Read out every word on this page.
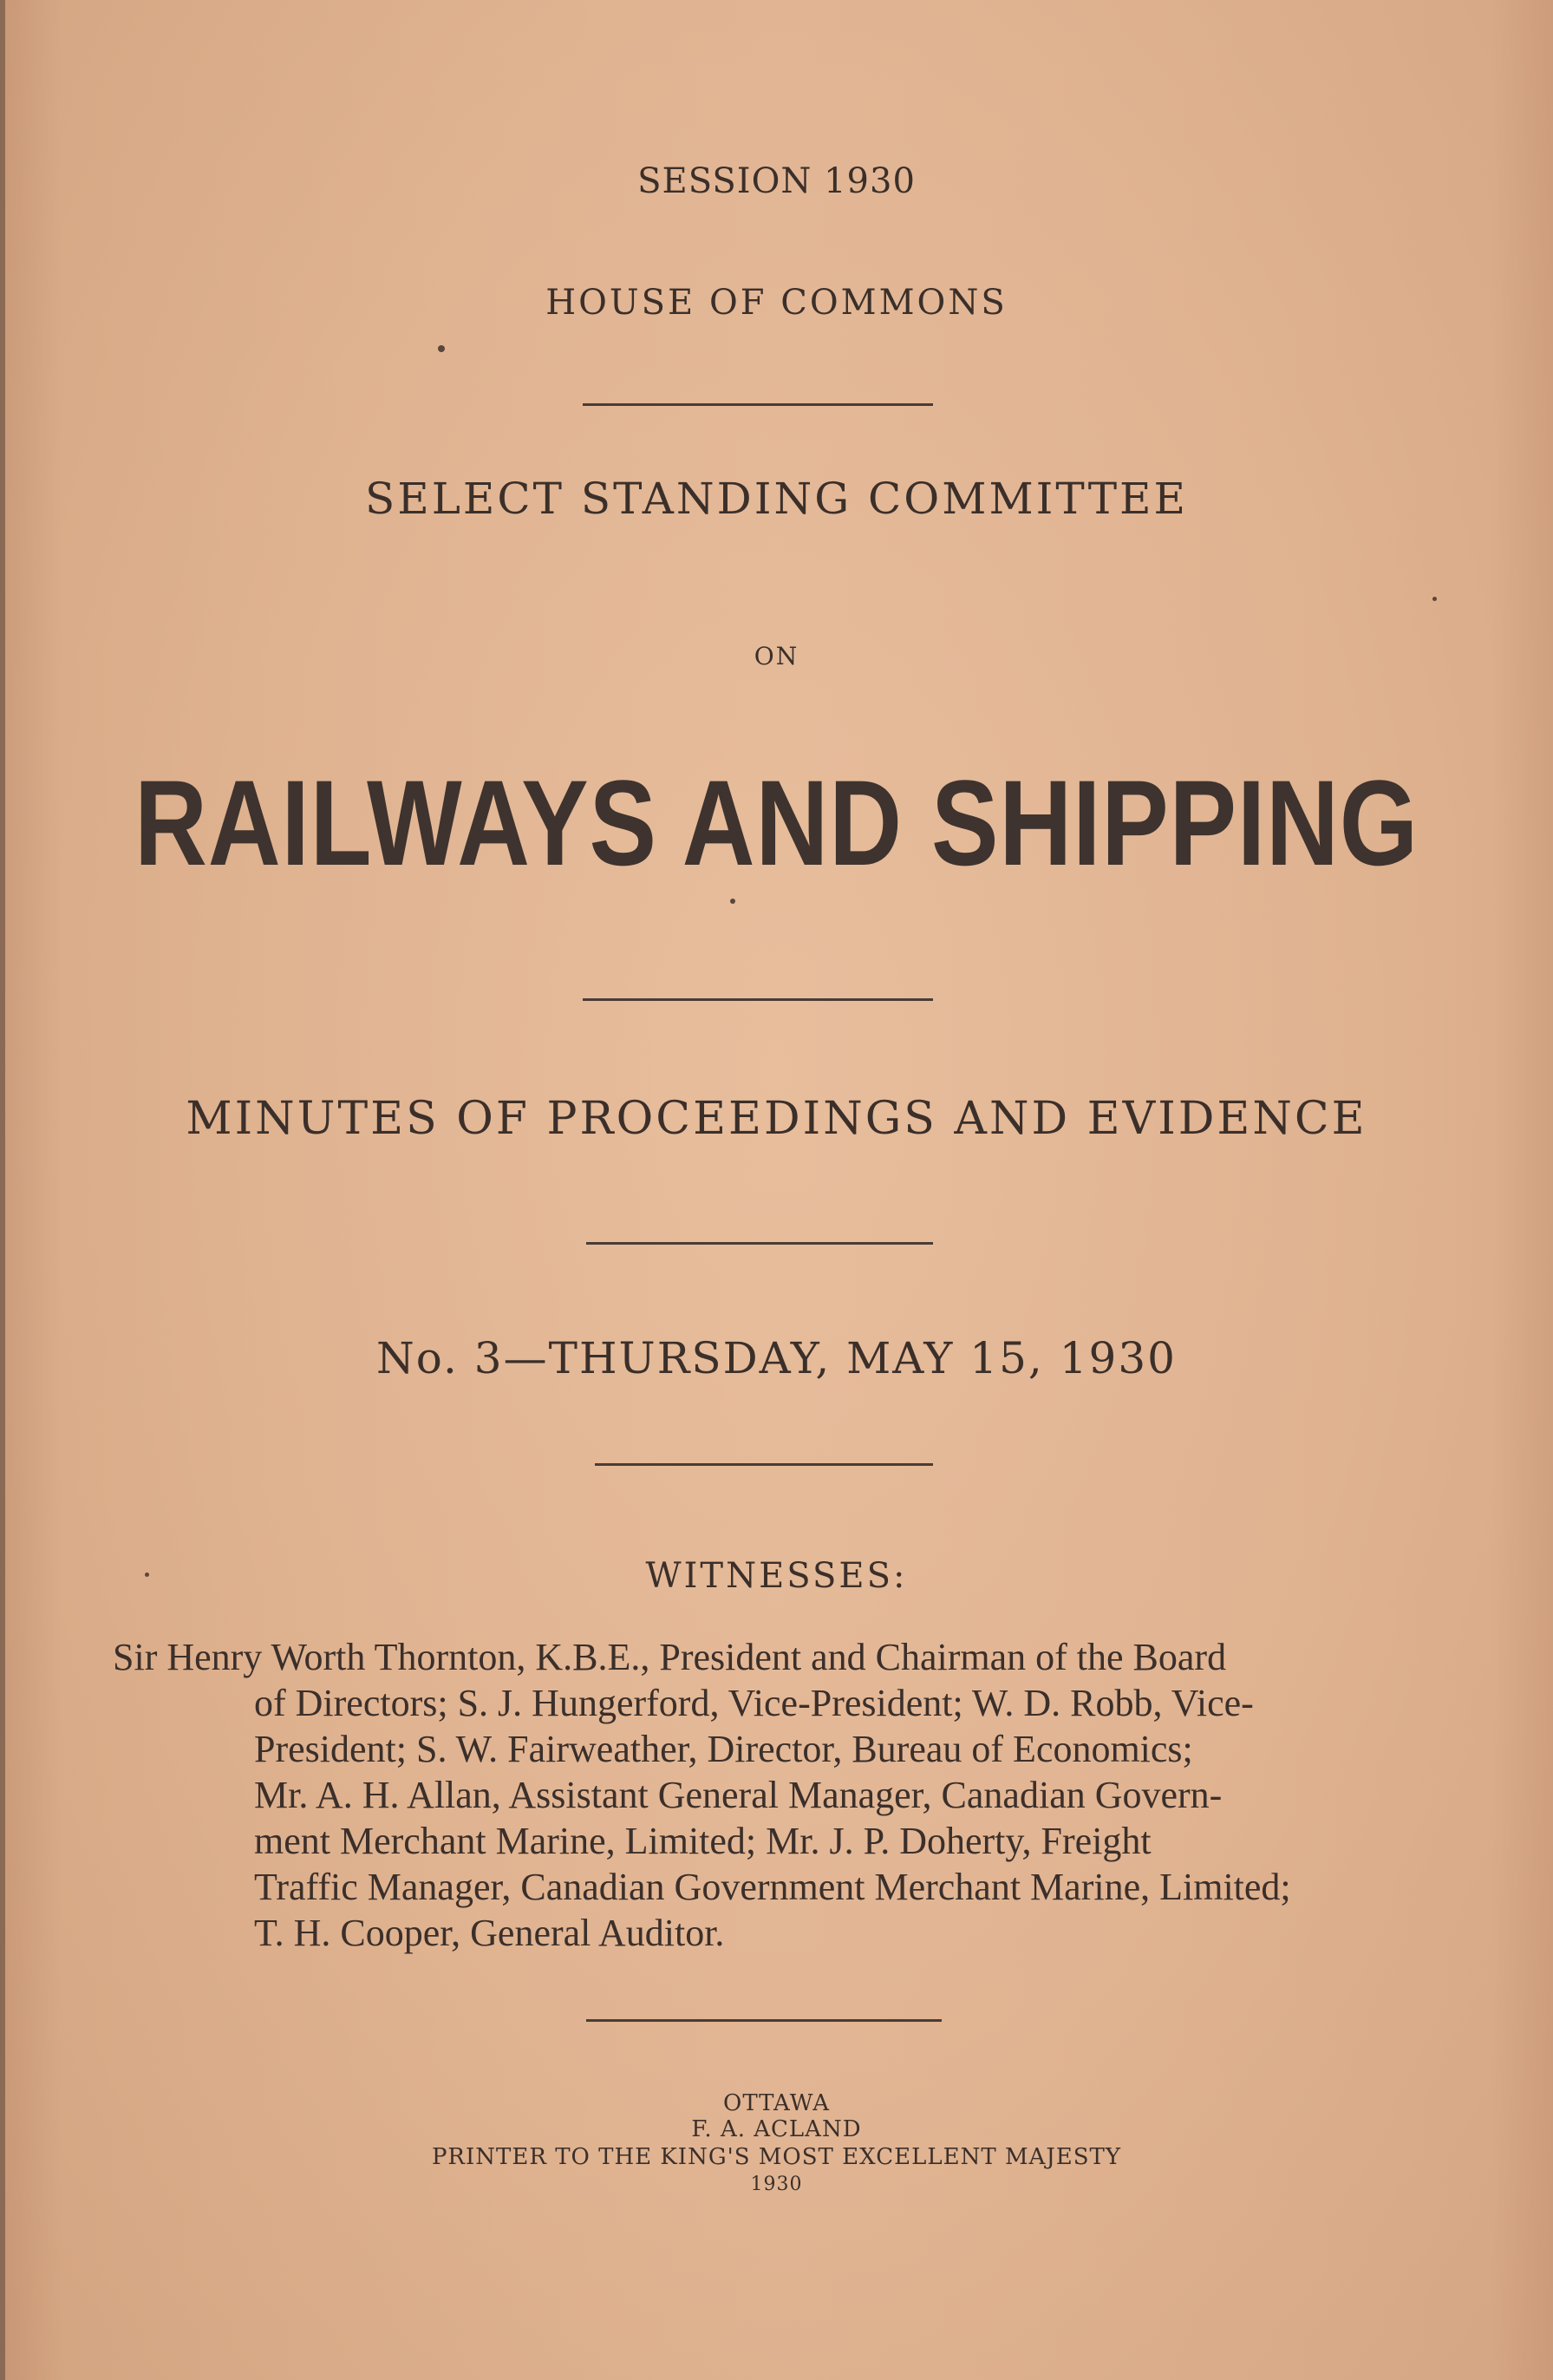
SESSION 1930

HOUSE OF COMMONS

SELECT STANDING COMMITTEE

ON

RAILWAYS AND SHIPPING

MINUTES OF PROCEEDINGS AND EVIDENCE

No. 3—THURSDAY, MAY 15, 1930

WITNESSES:

Sir Henry Worth Thornton, K.B.E., President and Chairman of the Board

of Directors; S. J. Hungerford, Vice-President; W. D. Robb, Vice-

President; S. W. Fairweather, Director, Bureau of Economics;

Mr. A. H. Allan, Assistant General Manager, Canadian Govern-

ment Merchant Marine, Limited; Mr. J. P. Doherty, Freight

Traffic Manager, Canadian Government Merchant Marine, Limited;

T. H. Cooper, General Auditor.

OTTAWA

F. A. ACLAND

PRINTER TO THE KING'S MOST EXCELLENT MAJESTY

1930
